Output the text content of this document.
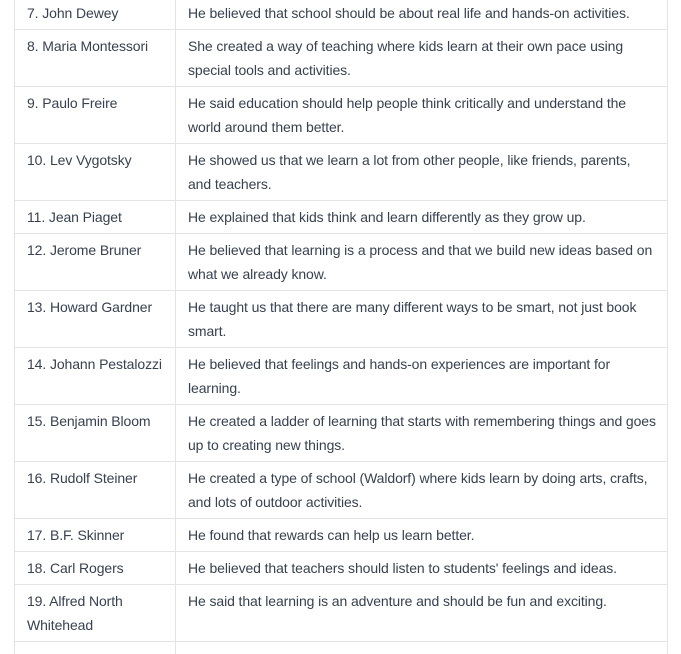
7. John Dewey	He believed that school should be about real life and hands-on activities.
8. Maria Montessori	She created a way of teaching where kids learn at their own pace using special tools and activities.
9. Paulo Freire	He said education should help people think critically and understand the world around them better.
10. Lev Vygotsky	He showed us that we learn a lot from other people, like friends, parents, and teachers.
11. Jean Piaget	He explained that kids think and learn differently as they grow up.
12. Jerome Bruner	He believed that learning is a process and that we build new ideas based on what we already know.
13. Howard Gardner	He taught us that there are many different ways to be smart, not just book smart.
14. Johann Pestalozzi	He believed that feelings and hands-on experiences are important for learning.
15. Benjamin Bloom	He created a ladder of learning that starts with remembering things and goes up to creating new things.
16. Rudolf Steiner	He created a type of school (Waldorf) where kids learn by doing arts, crafts, and lots of outdoor activities.
17. B.F. Skinner	He found that rewards can help us learn better.
18. Carl Rogers	He believed that teachers should listen to students' feelings and ideas.
19. Alfred North Whitehead	He said that learning is an adventure and should be fun and exciting.
